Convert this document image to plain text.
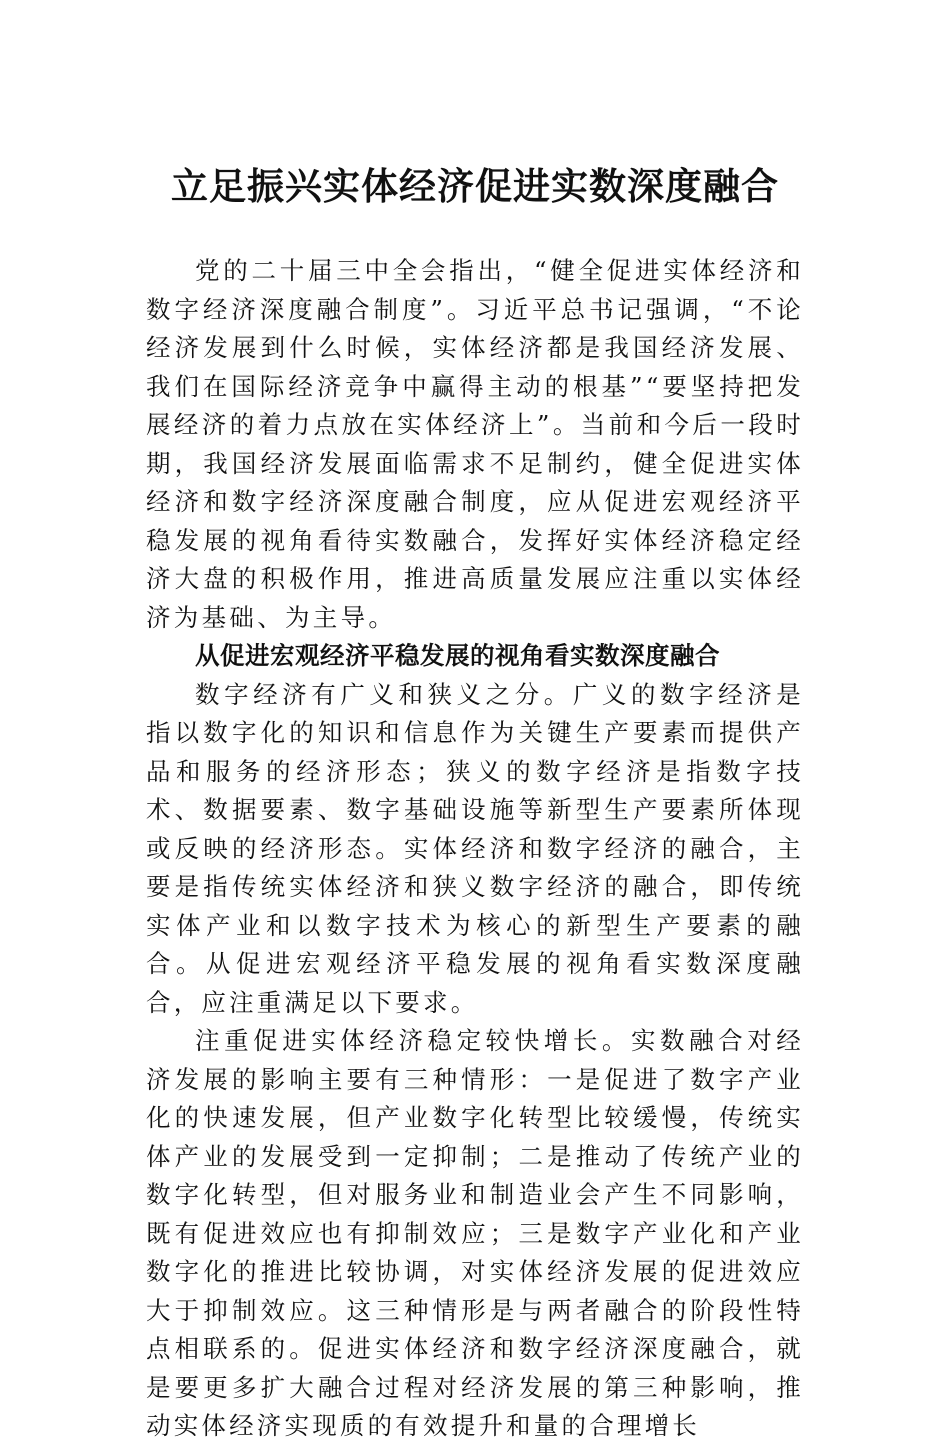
立足振兴实体经济促进实数深度融合

党的二十届三中全会指出，“健全促进实体经济和数字经济深度融合制度”。习近平总书记强调，“不论经济发展到什么时候，实体经济都是我国经济发展、我们在国际经济竞争中赢得主动的根基”“要坚持把发展经济的着力点放在实体经济上”。当前和今后一段时期，我国经济发展面临需求不足制约，健全促进实体经济和数字经济深度融合制度，应从促进宏观经济平稳发展的视角看待实数融合，发挥好实体经济稳定经济大盘的积极作用，推进高质量发展应注重以实体经济为基础、为主导。

从促进宏观经济平稳发展的视角看实数深度融合

数字经济有广义和狭义之分。广义的数字经济是指以数字化的知识和信息作为关键生产要素而提供产品和服务的经济形态；狭义的数字经济是指数字技术、数据要素、数字基础设施等新型生产要素所体现或反映的经济形态。实体经济和数字经济的融合，主要是指传统实体经济和狭义数字经济的融合，即传统实体产业和以数字技术为核心的新型生产要素的融合。从促进宏观经济平稳发展的视角看实数深度融合，应注重满足以下要求。

注重促进实体经济稳定较快增长。实数融合对经济发展的影响主要有三种情形：一是促进了数字产业化的快速发展，但产业数字化转型比较缓慢，传统实体产业的发展受到一定抑制；二是推动了传统产业的数字化转型，但对服务业和制造业会产生不同影响，既有促进效应也有抑制效应；三是数字产业化和产业数字化的推进比较协调，对实体经济发展的促进效应大于抑制效应。这三种情形是与两者融合的阶段性特点相联系的。促进实体经济和数字经济深度融合，就是要更多扩大融合过程对经济发展的第三种影响，推动实体经济实现质的有效提升和量的合理增长
